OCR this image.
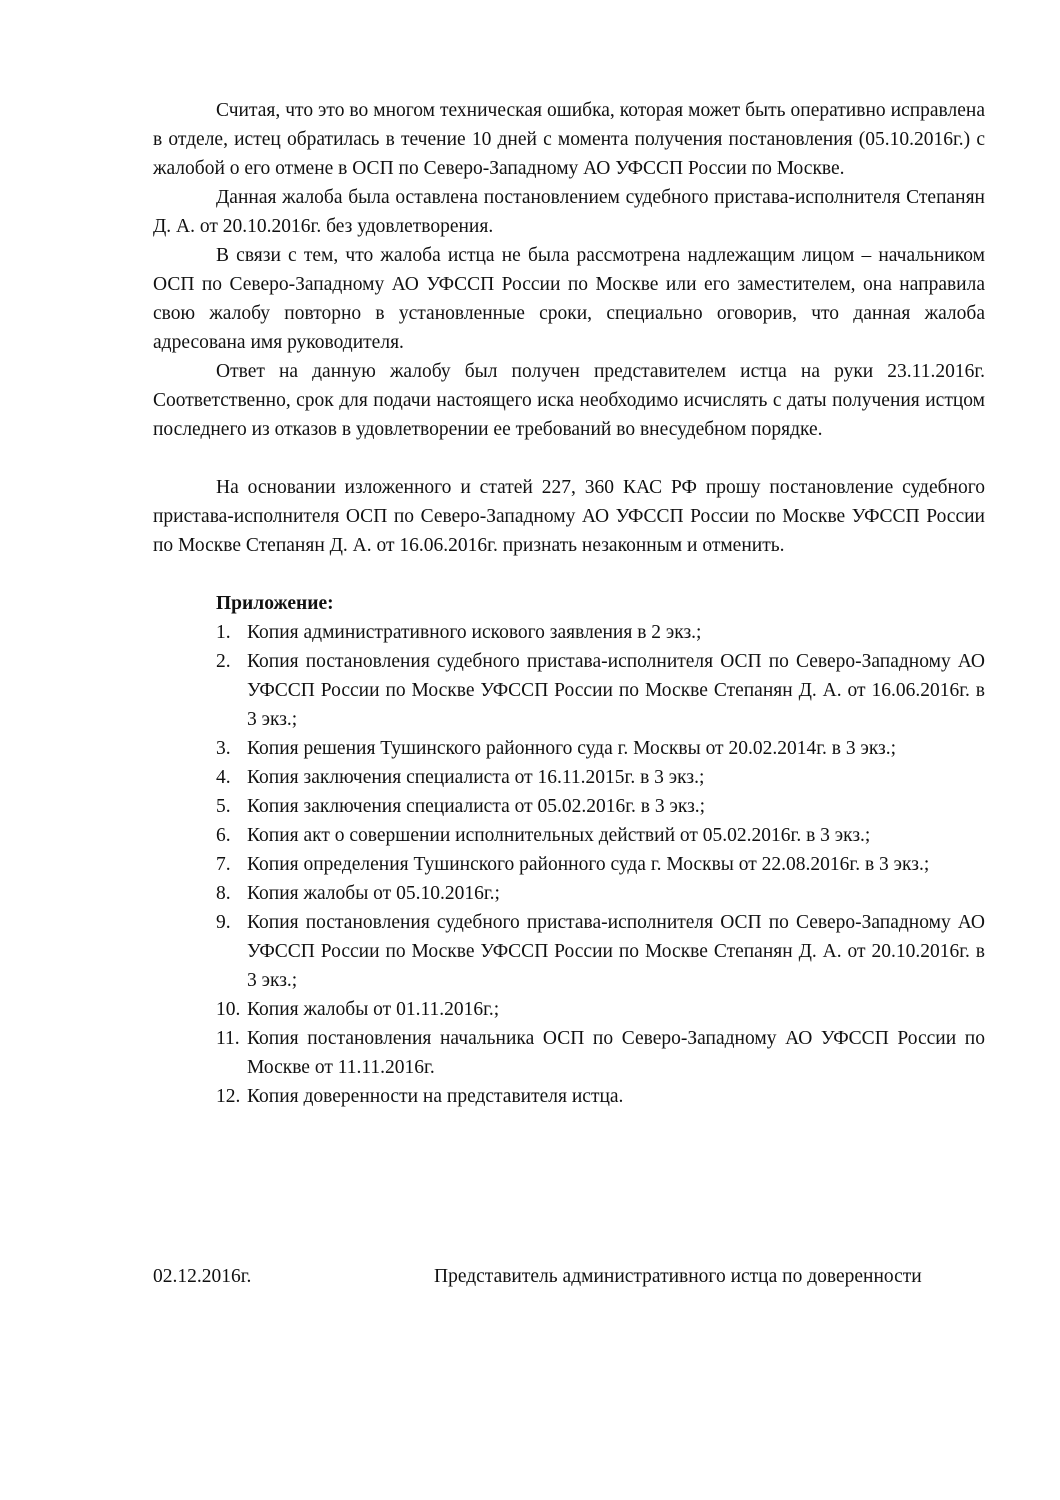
Считая, что это во многом техническая ошибка, которая может быть оперативно исправлена в отделе, истец обратилась в течение 10 дней с момента получения постановления (05.10.2016г.) с жалобой о его отмене в ОСП по Северо-Западному АО УФССП России по Москве.

Данная жалоба была оставлена постановлением судебного пристава-исполнителя Степанян Д. А. от 20.10.2016г. без удовлетворения.

В связи с тем, что жалоба истца не была рассмотрена надлежащим лицом – начальником ОСП по Северо-Западному АО УФССП России по Москве или его заместителем, она направила свою жалобу повторно в установленные сроки, специально оговорив, что данная жалоба адресована имя руководителя.

Ответ на данную жалобу был получен представителем истца на руки 23.11.2016г. Соответственно, срок для подачи настоящего иска необходимо исчислять с даты получения истцом последнего из отказов в удовлетворении ее требований во внесудебном порядке.

На основании изложенного и статей 227, 360 КАС РФ прошу постановление судебного пристава-исполнителя ОСП по Северо-Западному АО УФССП России по Москве УФССП России по Москве Степанян Д. А. от 16.06.2016г. признать незаконным и отменить.

Приложение:

1. Копия административного искового заявления в 2 экз.;
2. Копия постановления судебного пристава-исполнителя ОСП по Северо-Западному АО УФССП России по Москве УФССП России по Москве Степанян Д. А. от 16.06.2016г. в 3 экз.;
3. Копия решения Тушинского районного суда г. Москвы от 20.02.2014г. в 3 экз.;
4. Копия заключения специалиста от 16.11.2015г. в 3 экз.;
5. Копия заключения специалиста от 05.02.2016г. в 3 экз.;
6. Копия акт о совершении исполнительных действий от 05.02.2016г. в 3 экз.;
7. Копия определения Тушинского районного суда г. Москвы от 22.08.2016г. в 3 экз.;
8. Копия жалобы от 05.10.2016г.;
9. Копия постановления судебного пристава-исполнителя ОСП по Северо-Западному АО УФССП России по Москве УФССП России по Москве Степанян Д. А. от 20.10.2016г. в 3 экз.;
10. Копия жалобы от 01.11.2016г.;
11. Копия постановления начальника ОСП по Северо-Западному АО УФССП России по Москве от 11.11.2016г.
12. Копия доверенности на представителя истца.
02.12.2016г.	Представитель административного истца по доверенности
